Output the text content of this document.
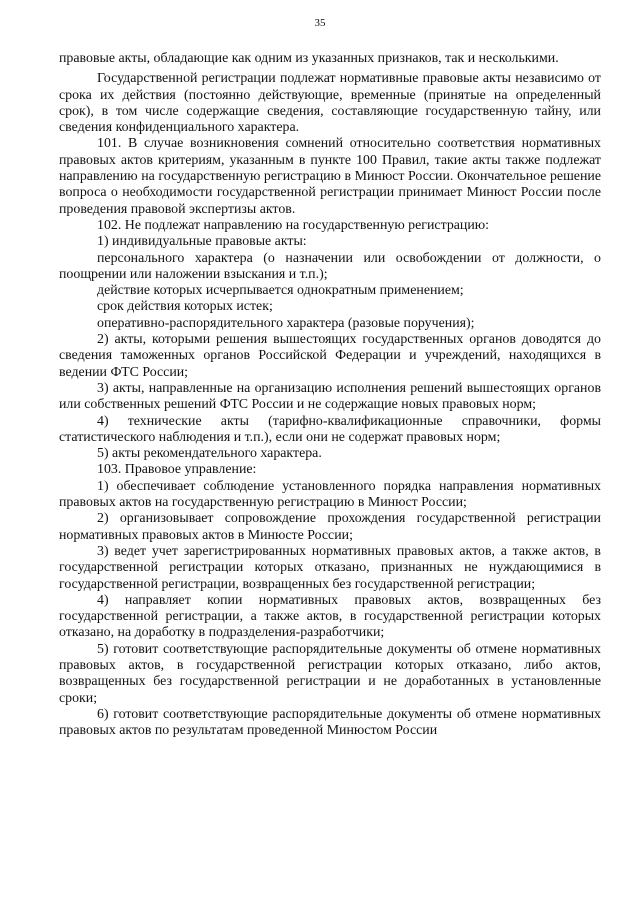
35

правовые акты, обладающие как одним из указанных признаков, так и несколькими.

Государственной регистрации подлежат нормативные правовые акты независимо от срока их действия (постоянно действующие, временные (принятые на определенный срок), в том числе содержащие сведения, составляющие государственную тайну, или сведения конфиденциального характера.

101. В случае возникновения сомнений относительно соответствия нормативных правовых актов критериям, указанным в пункте 100 Правил, такие акты также подлежат направлению на государственную регистрацию в Минюст России. Окончательное решение вопроса о необходимости государственной регистрации принимает Минюст России после проведения правовой экспертизы актов.

102. Не подлежат направлению на государственную регистрацию:

1) индивидуальные правовые акты:

персонального характера (о назначении или освобождении от должности, о поощрении или наложении взыскания и т.п.);

действие которых исчерпывается однократным применением;

срок действия которых истек;

оперативно-распорядительного характера (разовые поручения);

2) акты, которыми решения вышестоящих государственных органов доводятся до сведения таможенных органов Российской Федерации и учреждений, находящихся в ведении ФТС России;

3) акты, направленные на организацию исполнения решений вышестоящих органов или собственных решений ФТС России и не содержащие новых правовых норм;

4) технические акты (тарифно-квалификационные справочники, формы статистического наблюдения и т.п.), если они не содержат правовых норм;

5) акты рекомендательного характера.

103. Правовое управление:

1) обеспечивает соблюдение установленного порядка направления нормативных правовых актов на государственную регистрацию в Минюст России;

2) организовывает сопровождение прохождения государственной регистрации нормативных правовых актов в Минюсте России;

3) ведет учет зарегистрированных нормативных правовых актов, а также актов, в государственной регистрации которых отказано, признанных не нуждающимися в государственной регистрации, возвращенных без государственной регистрации;

4) направляет копии нормативных правовых актов, возвращенных без государственной регистрации, а также актов, в государственной регистрации которых отказано, на доработку в подразделения-разработчики;

5) готовит соответствующие распорядительные документы об отмене нормативных правовых актов, в государственной регистрации которых отказано, либо актов, возвращенных без государственной регистрации и не доработанных в установленные сроки;

6) готовит соответствующие распорядительные документы об отмене нормативных правовых актов по результатам проведенной Минюстом России
